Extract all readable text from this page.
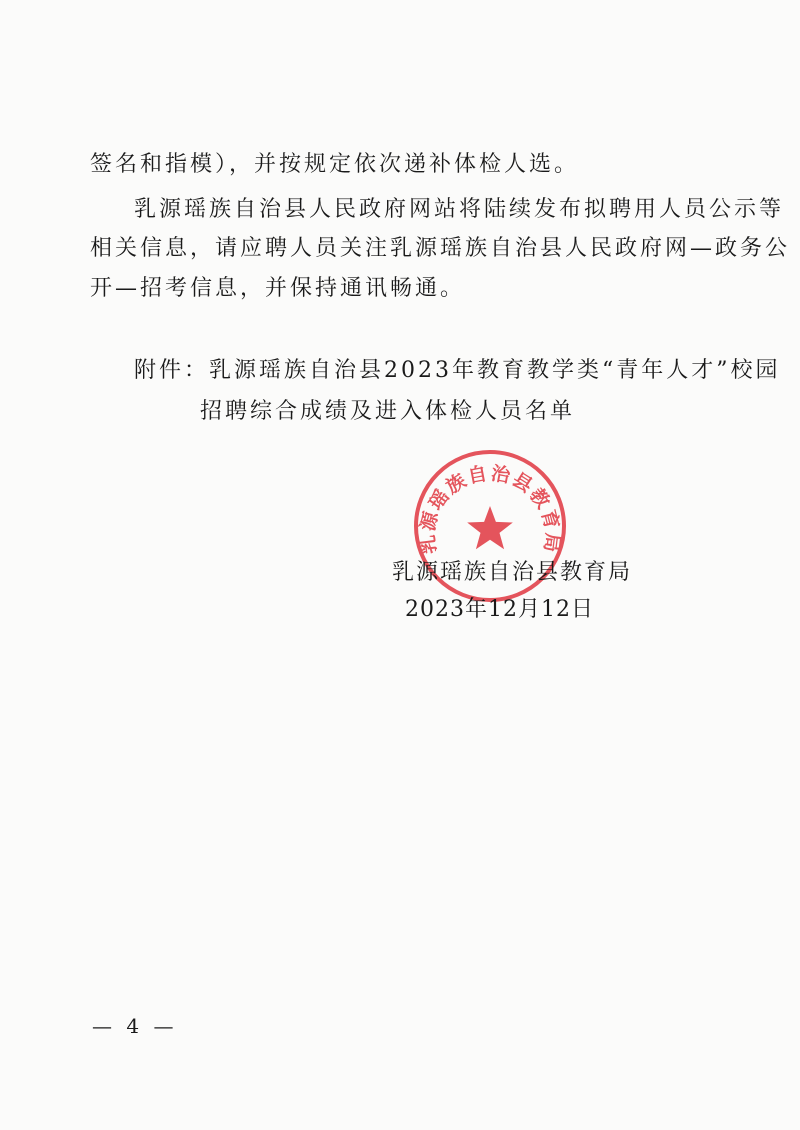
签名和指模），并按规定依次递补体检人选。
乳源瑶族自治县人民政府网站将陆续发布拟聘用人员公示等
相关信息，请应聘人员关注乳源瑶族自治县人民政府网—政务公
开—招考信息，并保持通讯畅通。
附件：乳源瑶族自治县2023年教育教学类“青年人才”校园
招聘综合成绩及进入体检人员名单
乳源瑶族自治县教育局
乳源瑶族自治县教育局
2023年12月12日
— 4 —
